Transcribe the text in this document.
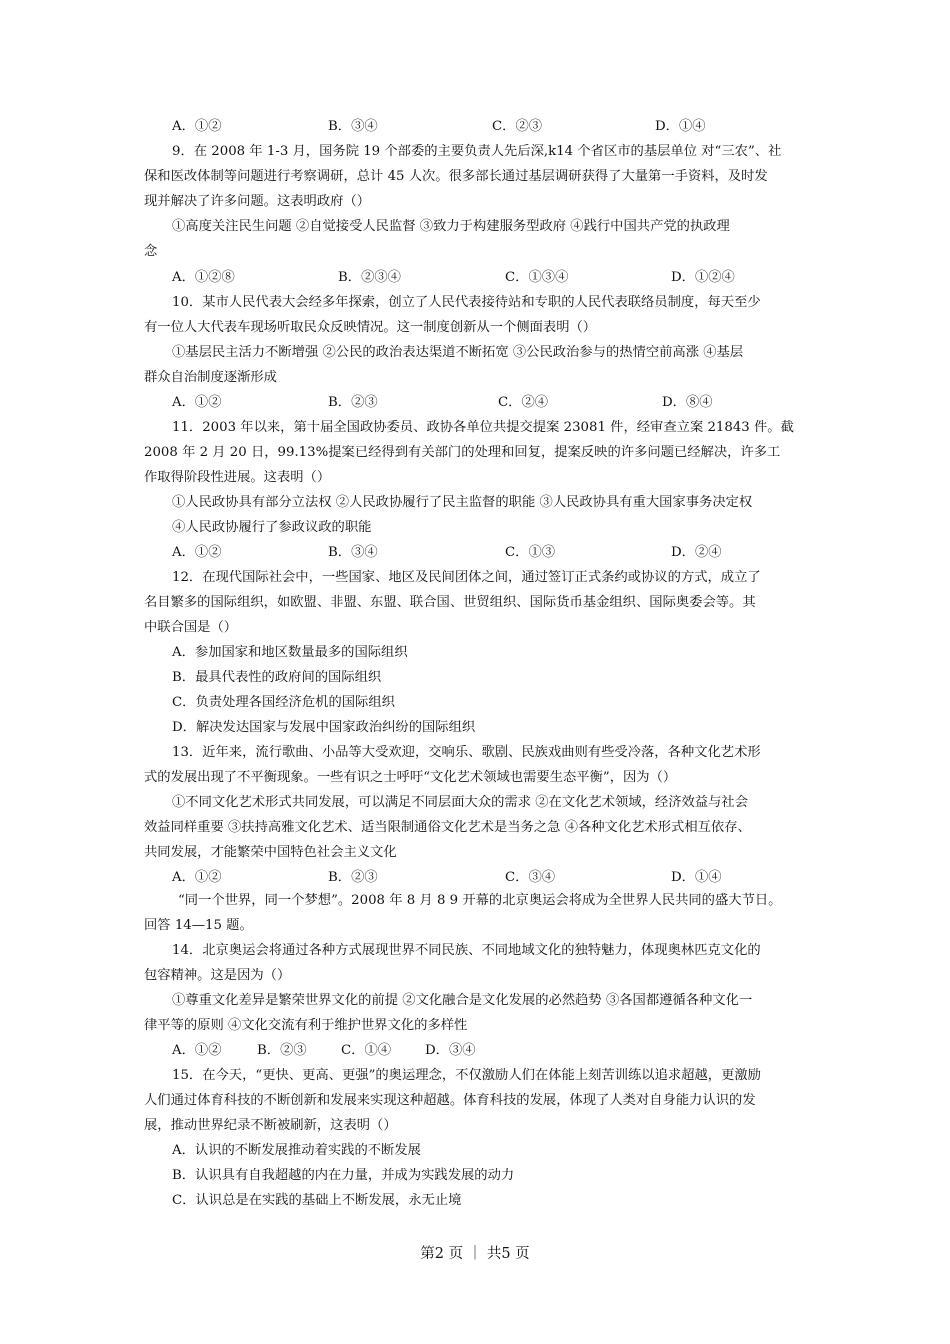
A．①②	B．③④	C．②③	D．①④
9．在 2008 年 1-3 月，国务院 19 个部委的主要负责人先后深,k14 个省区市的基层单位 对“三农”、社
保和医改体制等问题进行考察调研，总计 45 人次。很多部长通过基层调研获得了大量第一手资料，及时发
现并解决了许多问题。这表明政府（）
①高度关注民生问题 ②自觉接受人民监督 ③致力于构建服务型政府 ④践行中国共产党的执政理
念
A．①②⑧	B．②③④	C．①③④	D．①②④
10．某市人民代表大会经多年探索，创立了人民代表接待站和专职的人民代表联络员制度，每天至少
有一位人大代表车现场听取民众反映情况。这一制度创新从一个侧面表明（）
①基层民主活力不断增强 ②公民的政治表达渠道不断拓宽 ③公民政治参与的热情空前高涨 ④基层
群众自治制度逐渐形成
A．①②	B．②③	C．②④	D．⑧④
11．2003 年以来，第十届全国政协委员、政协各单位共提交提案 23081 件，经审查立案 21843 件。截
2008 年 2 月 20 日，99.13%提案已经得到有关部门的处理和回复，提案反映的许多问题已经解决，许多工
作取得阶段性进展。这表明（）
①人民政协具有部分立法权 ②人民政协履行了民主监督的职能 ③人民政协具有重大国家事务决定权
④人民政协履行了参政议政的职能
A．①②	B．③④	C．①③	D．②④
12．在现代国际社会中，一些国家、地区及民间团体之间，通过签订正式条约或协议的方式，成立了
名目繁多的国际组织，如欧盟、非盟、东盟、联合国、世贸组织、国际货币基金组织、国际奥委会等。其
中联合国是（）
A．参加国家和地区数量最多的国际组织
B．最具代表性的政府间的国际组织
C．负责处理各国经济危机的国际组织
D．解决发达国家与发展中国家政治纠纷的国际组织
13．近年来，流行歌曲、小品等大受欢迎，交响乐、歌剧、民族戏曲则有些受冷落，各种文化艺术形
式的发展出现了不平衡现象。一些有识之士呼吁“文化艺术领域也需要生态平衡”，因为（）
①不同文化艺术形式共同发展，可以满足不同层面大众的需求 ②在文化艺术领域，经济效益与社会
效益同样重要 ③扶持高雅文化艺术、适当限制通俗文化艺术是当务之急 ④各种文化艺术形式相互依存、
共同发展，才能繁荣中国特色社会主义文化
A．①②	B．②③	C．③④	D．①④
“同一个世界，同一个梦想”。2008 年 8 月 8 9 开幕的北京奥运会将成为全世界人民共同的盛大节日。
回答 14—15 题。
14．北京奥运会将通过各种方式展现世界不同民族、不同地域文化的独特魅力，体现奥林匹克文化的
包容精神。这是因为（）
①尊重文化差异是繁荣世界文化的前提 ②文化融合是文化发展的必然趋势 ③各国都遵循各种文化一
律平等的原则 ④文化交流有利于维护世界文化的多样性
A．①②	B．②③	C．①④	D．③④
15．在今天，“更快、更高、更强”的奥运理念，不仅激励人们在体能上刻苦训练以追求超越，更激励
人们通过体育科技的不断创新和发展来实现这种超越。体育科技的发展，体现了人类对自身能力认识的发
展，推动世界纪录不断被刷新，这表明（）
A．认识的不断发展推动着实践的不断发展
B．认识具有自我超越的内在力量，并成为实践发展的动力
C．认识总是在实践的基础上不断发展，永无止境
第2 页 ｜ 共5 页
